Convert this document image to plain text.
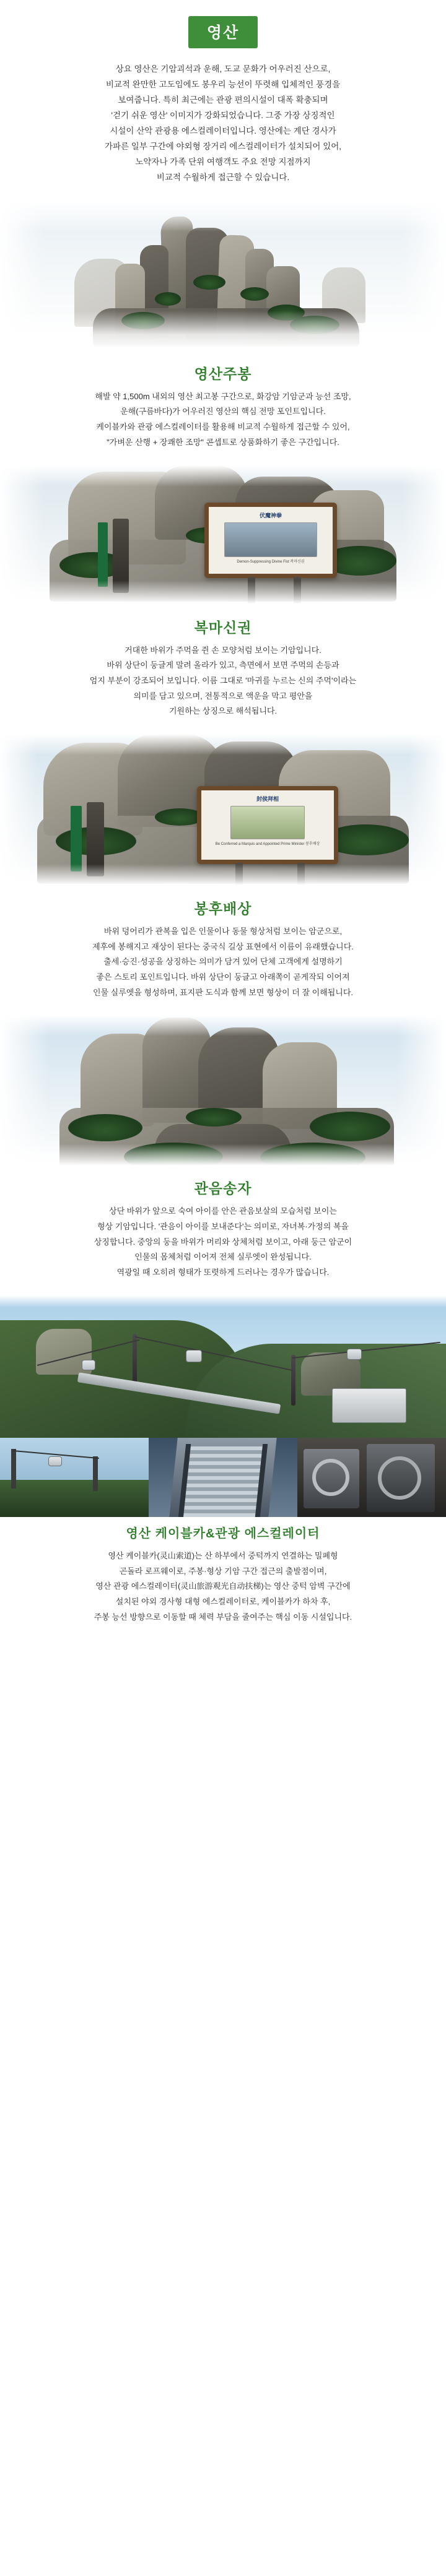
영산
상요 영산은 기암괴석과 운해, 도교 문화가 어우러진 산으로,
비교적 완만한 고도임에도 봉우리 능선이 뚜렷해 입체적인 풍경을
보여줍니다. 특히 최근에는 관광 편의시설이 대폭 확충되며
'걷기 쉬운 영산' 이미지가 강화되었습니다. 그중 가장 상징적인
시설이 산악 관광용 에스컬레이터입니다. 영산에는 계단 경사가
가파른 일부 구간에 야외형 장거리 에스컬레이터가 설치되어 있어,
노약자나 가족 단위 여행객도 주요 전망 지점까지
비교적 수월하게 접근할 수 있습니다.
영산주봉
해발 약 1,500m 내외의 영산 최고봉 구간으로, 화강암 기암군과 능선 조망,
운해(구름바다)가 어우러진 영산의 핵심 전망 포인트입니다.
케이블카와 관광 에스컬레이터를 활용해 비교적 수월하게 접근할 수 있어,
"가벼운 산행 + 장쾌한 조망" 콘셉트로 상품화하기 좋은 구간입니다.
伏魔神拳
Demon-Suppressing Divine Fist 복마신권
복마신권
거대한 바위가 주먹을 쥔 손 모양처럼 보이는 기암입니다.
바위 상단이 둥글게 말려 올라가 있고, 측면에서 보면 주먹의 손등과
엄지 부분이 강조되어 보입니다. 이름 그대로 '마귀를 누르는 신의 주먹'이라는
의미를 담고 있으며, 전통적으로 액운을 막고 평안을
기원하는 상징으로 해석됩니다.
封侯拜相
Be Conferred a Marquis and Appointed Prime Minister 봉후배상
봉후배상
바위 덩어리가 관복을 입은 인물이나 동물 형상처럼 보이는 암군으로,
제후에 봉해지고 재상이 된다는 중국식 길상 표현에서 이름이 유래했습니다.
출세·승진·성공을 상징하는 의미가 담겨 있어 단체 고객에게 설명하기
좋은 스토리 포인트입니다. 바위 상단이 둥글고 아래쪽이 곧게작되 이어져
인물 실루엣을 형성하며, 표지판 도식과 함께 보면 형상이 더 잘 이해됩니다.
관음송자
상단 바위가 앞으로 숙여 아이를 안은 관음보살의 모습처럼 보이는
형상 기암입니다. '관음이 아이를 보내준다'는 의미로, 자녀복·가정의 복을
상징합니다. 중앙의 둥을 바위가 머리와 상체처럼 보이고, 아래 둥근 암군이
인물의 몸체처럼 이어져 전체 실루엣이 완성됩니다.
역광일 때 오히려 형태가 또렷하게 드러나는 경우가 많습니다.
영산 케이블카&관광 에스컬레이터
영산 케이블카(灵山索道)는 산 하부에서 중턱까지 연결하는 밀폐형
곤돌라 로프웨이로, 주봉·형상 기암 구간 접근의 출발점이며,
영산 관광 에스컬레이터(灵山旅游观光自动扶梯)는 영산 중턱 암벽 구간에
설치된 야외 경사형 대형 에스컬레이터로, 케이블카가 하차 후,
주봉 능선 방향으로 이동할 때 체력 부담을 줄여주는 핵심 이동 시설입니다.
